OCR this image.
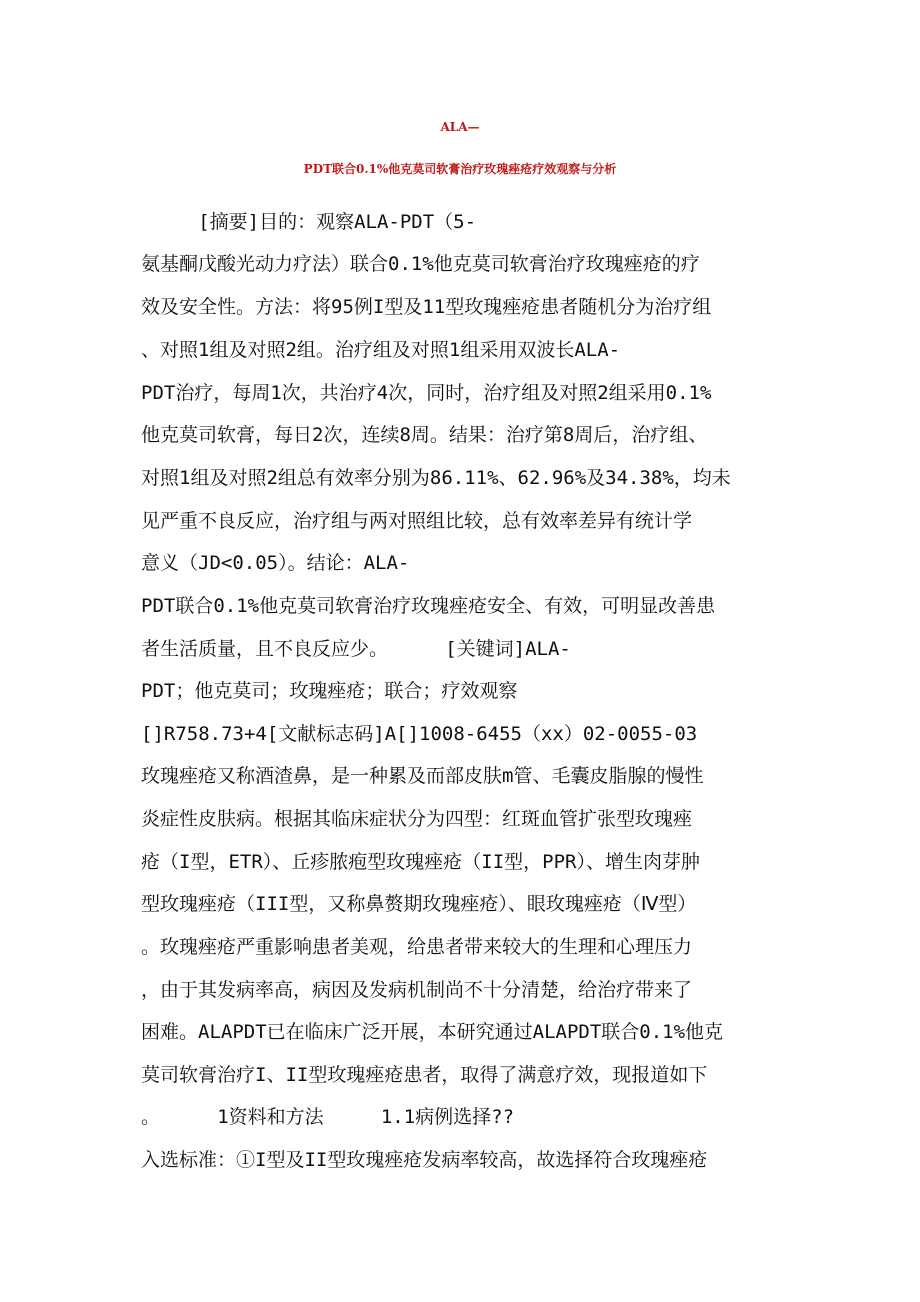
ALA—
PDT联合0.1%他克莫司软膏治疗玫瑰痤疮疗效观察与分析
[摘要]目的：观察ALA-PDT（5-
氨基酮戊酸光动力疗法）联合0.1%他克莫司软膏治疗玫瑰痤疮的疗
效及安全性。方法：将95例I型及11型玫瑰痤疮患者随机分为治疗组
、对照1组及对照2组。治疗组及对照1组采用双波长ALA-
PDT治疗，每周1次，共治疗4次，同时，治疗组及对照2组采用0.1%
他克莫司软膏，每日2次，连续8周。结果：治疗第8周后，治疗组、
对照1组及对照2组总有效率分别为86.11%、62.96%及34.38%，均未
见严重不良反应，治疗组与两对照组比较，总有效率差异有统计学
意义（JD<0.05）。结论：ALA-
PDT联合0.1%他克莫司软膏治疗玫瑰痤疮安全、有效，可明显改善患
者生活质量，且不良反应少。     [关键词]ALA-
PDT；他克莫司；玫瑰痤疮；联合；疗效观察
[]R758.73+4[文献标志码]A[]1008-6455（xx）02-0055-03
玫瑰痤疮又称酒渣鼻，是一种累及而部皮肤m管、毛囊皮脂腺的慢性
炎症性皮肤病。根据其临床症状分为四型：红斑血管扩张型玫瑰痤
疮（I型，ETR）、丘疹脓疱型玫瑰痤疮（II型，PPR）、增生肉芽肿
型玫瑰痤疮（III型，又称鼻赘期玫瑰痤疮）、眼玫瑰痤疮（Ⅳ型）
。玫瑰痤疮严重影响患者美观，给患者带来较大的生理和心理压力
，由于其发病率高，病因及发病机制尚不十分清楚，给治疗带来了
困难。ALAPDT已在临床广泛开展，本研究通过ALAPDT联合0.1%他克
莫司软膏治疗I、II型玫瑰痤疮患者，取得了满意疗效，现报道如下
。     1资料和方法     1.1病例选择??
入选标准：①I型及II型玫瑰痤疮发病率较高，故选择符合玫瑰痤疮
